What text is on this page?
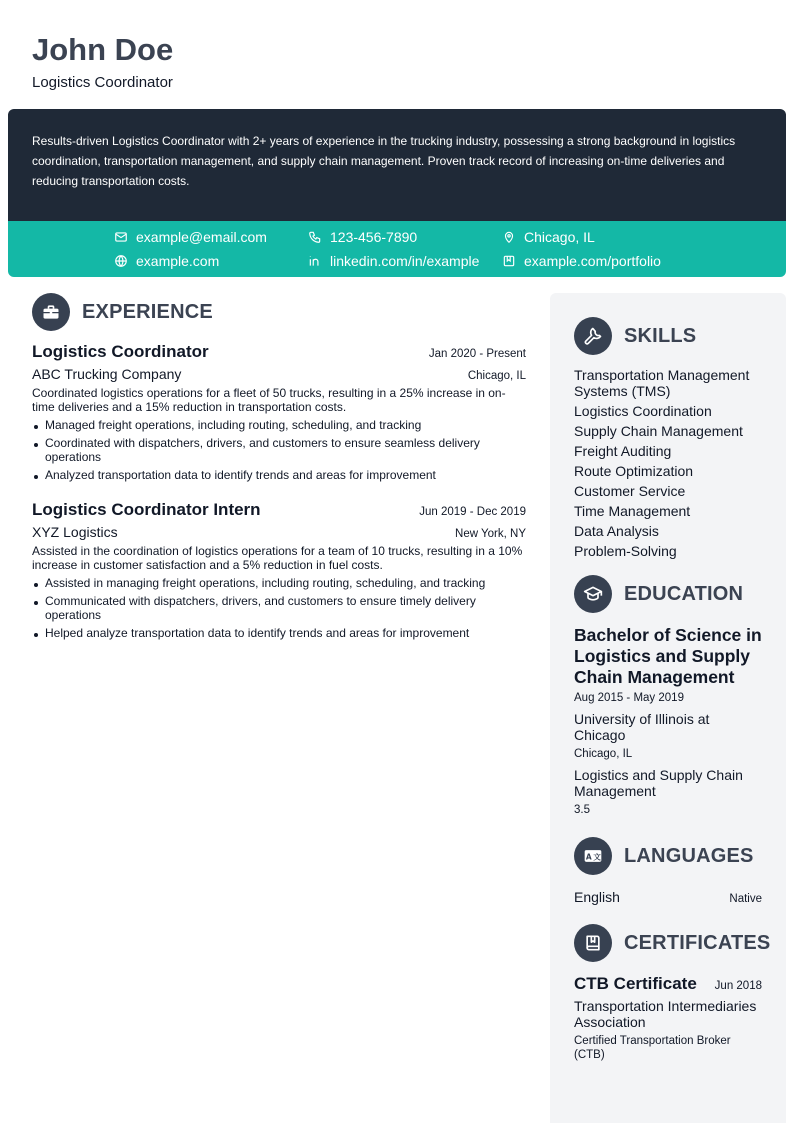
John Doe
Logistics Coordinator

Results-driven Logistics Coordinator with 2+ years of experience in the trucking industry, possessing a strong background in logistics coordination, transportation management, and supply chain management. Proven track record of increasing on-time deliveries and reducing transportation costs.

example@email.com	123-456-7890	Chicago, IL
example.com	linkedin.com/in/example	example.com/portfolio
EXPERIENCE
Logistics Coordinator	Jan 2020 - Present
ABC Trucking Company	Chicago, IL
Coordinated logistics operations for a fleet of 50 trucks, resulting in a 25% increase in on-time deliveries and a 15% reduction in transportation costs.
Managed freight operations, including routing, scheduling, and tracking
Coordinated with dispatchers, drivers, and customers to ensure seamless delivery operations
Analyzed transportation data to identify trends and areas for improvement
Logistics Coordinator Intern	Jun 2019 - Dec 2019
XYZ Logistics	New York, NY
Assisted in the coordination of logistics operations for a team of 10 trucks, resulting in a 10% increase in customer satisfaction and a 5% reduction in fuel costs.
Assisted in managing freight operations, including routing, scheduling, and tracking
Communicated with dispatchers, drivers, and customers to ensure timely delivery operations
Helped analyze transportation data to identify trends and areas for improvement
SKILLS
Transportation Management Systems (TMS)
Logistics Coordination
Supply Chain Management
Freight Auditing
Route Optimization
Customer Service
Time Management
Data Analysis
Problem-Solving
EDUCATION
Bachelor of Science in Logistics and Supply Chain Management
Aug 2015 - May 2019
University of Illinois at Chicago
Chicago, IL
Logistics and Supply Chain Management
3.5
A 文 LANGUAGES
English	Native
CERTIFICATES
CTB Certificate Jun 2018
Transportation Intermediaries Association
Certified Transportation Broker (CTB)
